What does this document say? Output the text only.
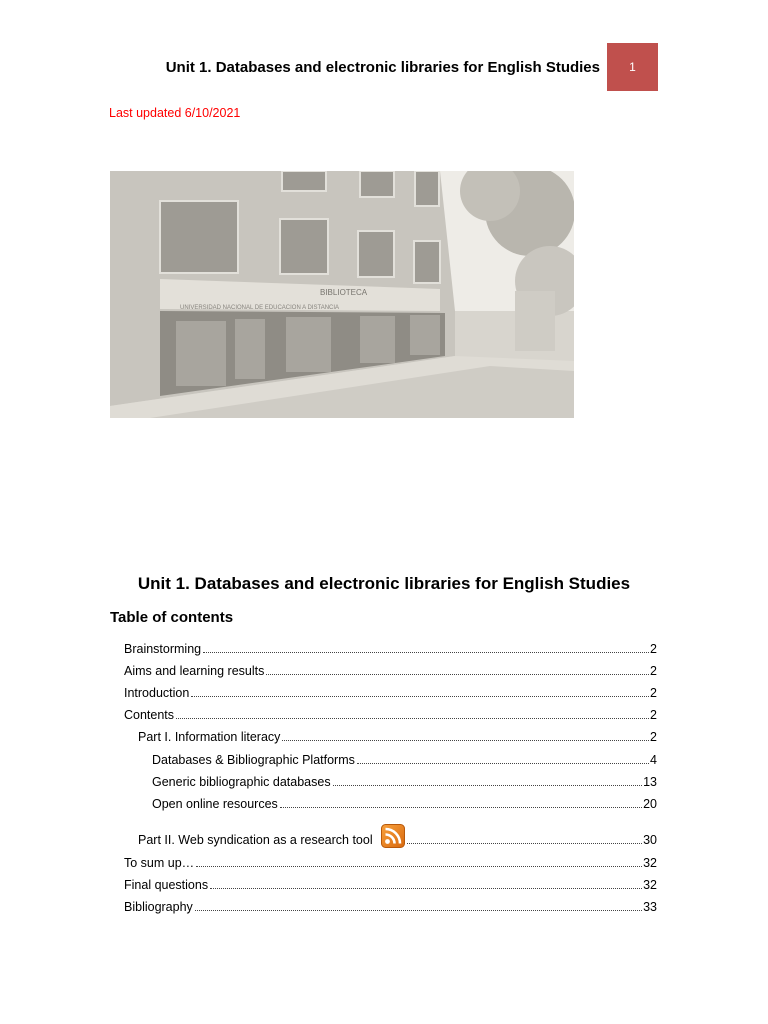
Unit 1. Databases and electronic libraries for English Studies 1
Last updated 6/10/2021
BIBLIOTECA
UNIVERSIDAD NACIONAL DE EDUCACION A DISTANCIA
Unit 1. Databases and electronic libraries for English Studies
Table of contents
Brainstorming	2
Aims and learning results	2
Introduction	2
Contents	2
Part I. Information literacy	2
Databases & Bibliographic Platforms	4
Generic bibliographic databases	13
Open online resources	20
Part II. Web syndication as a research tool	30
To sum up…	32
Final questions	32
Bibliography	33
